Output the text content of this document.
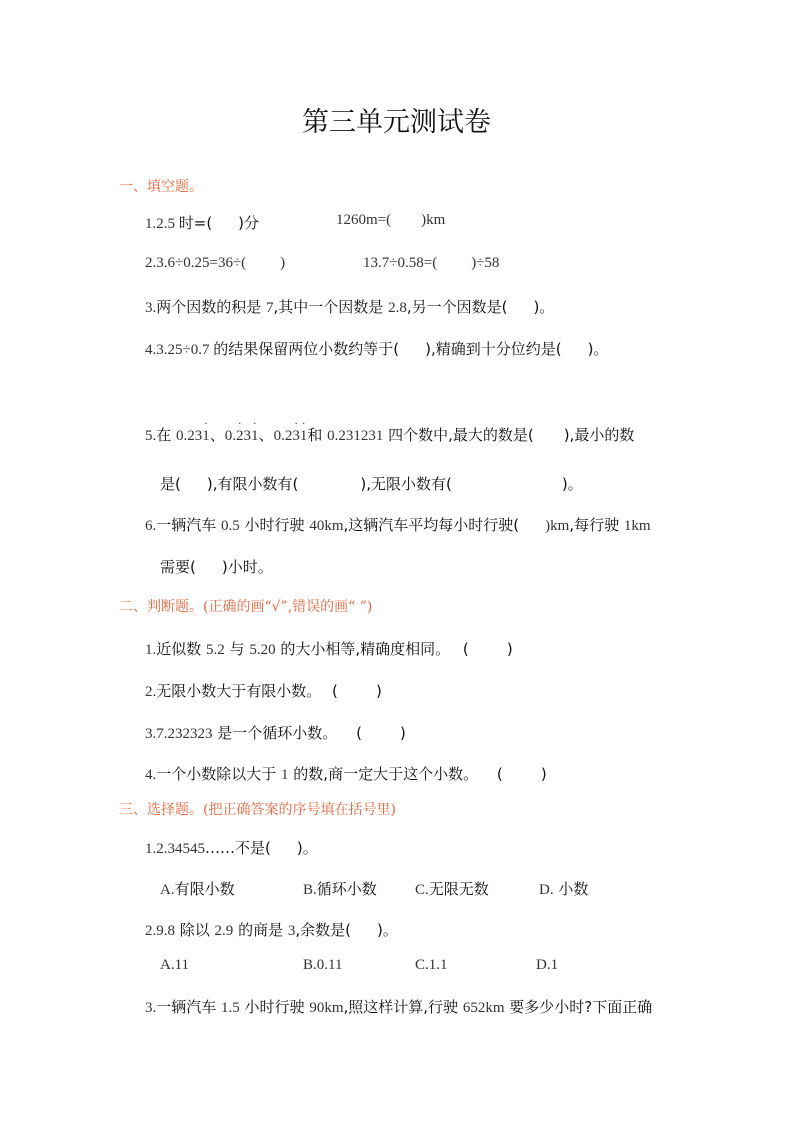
第三单元测试卷
一、填空题。
1.2.5 时=( )分	1260m=( )km
2.3.6÷0.25=36÷( )	13.7÷0.58=( )÷58
3.两个因数的积是 7,其中一个因数是 2.8,另一个因数是( )。
4.3.25÷0.7 的结果保留两位小数约等于( ),精确到十分位约是( )。
5.在 0.23· 1、0.· 23· 1、0.2· 3· 1和 0.231231 四个数中,最大的数是( ),最小的数
是( ),有限小数有(	),无限小数有(	)。
6.一辆汽车 0.5 小时行驶 40km,这辆汽车平均每小时行驶( )km,每行驶 1km
需要( )小时。
二、判断题。(正确的画“√”,错误的画“ ”)
1.近似数 5.2 与 5.20 的大小相等,精确度相同。 (        )
2.无限小数大于有限小数。 (        )
3.7.232323 是一个循环小数。 (        )
4.一个小数除以大于 1 的数,商一定大于这个小数。 (        )
三、选择题。(把正确答案的序号填在括号里)
1.2.34545……不是( )。
A.有限小数	B.循环小数	C.无限无数	D. 小数
2.9.8 除以 2.9 的商是 3,余数是( )。
A.11	B.0.11	C.1.1	D.1
3.一辆汽车 1.5 小时行驶 90km,照这样计算,行驶 652km 要多少小时?下面正确
